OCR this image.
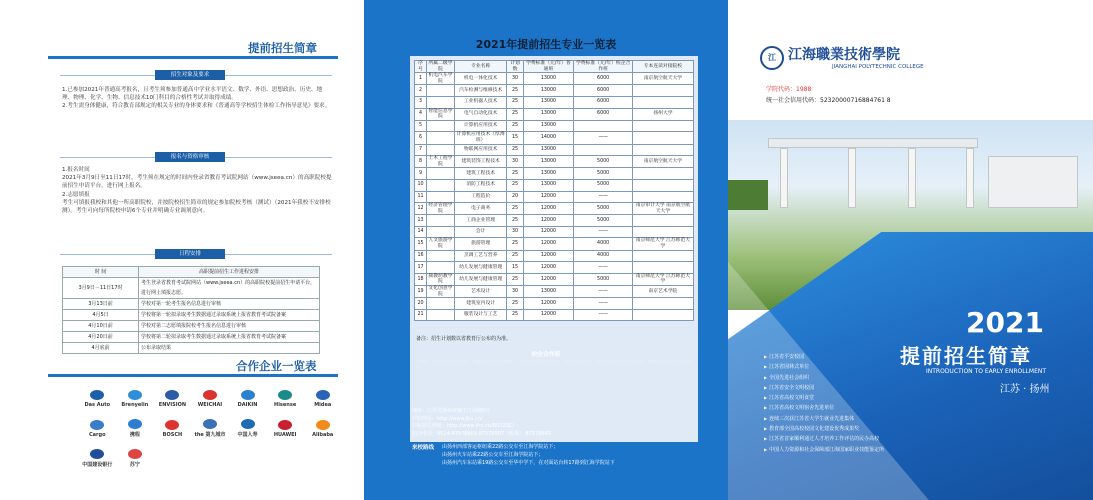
提前招生简章
招生对象及要求
1.已参加2021年普通高考报名，且考生须参加普通高中学业水平语文、数学、外语、思想政治、历史、地理、物理、化学、生物、信息技术10门科目的合格性考试并取得成绩。
2.考生需身体健康，符合教育部规定的相关专业的身体要求和《普通高等学校招生体检工作指导意见》要求。
报名与资格审核
1.报名时间
2021年3月9日至11日17时，考生须在规定的时间内登录省教育考试院网站（www.jseea.cn）的高职院校提前招生申请平台，进行网上报名。
2.志愿填报
考生可填报我校和其他一所高职院校，并按院校招生简章的规定参加院校考核（测试）（2021年我校不安排校测）。考生可向每所院校申请6个专业并明确专业调剂意向。
日程安排
时 间	高职提前招生工作进程安排
3月9日－11日17时	考生登录省教育考试院网站（www.jseea.cn）的高职院校提前招生申请平台，进行网上填报志愿。
3月13日前	学校对第一轮考生报名信息进行审核
4月5日	学校将第一轮拟录取考生数据通过录取系统上报省教育考试院备案
4月10日前	学校对第二志愿填报院校考生报名信息进行审核
4月20日前	学校将第二轮拟录取考生数据通过录取系统上报省教育考试院备案
4月底前	公布录取结果
合作企业一览表
Das Auto Brenyelin ENVISION WEICHAI	DAIKIN	Hisense	Midea
Cargo	携程	BOSCH the 第九城市 中国人寿	HUAWEI	Alibaba
中国建设银行	苏宁
2021年提前招生专业一览表
序号	所属二级学院	专业名称	计划数	学费标准（元/年）普通班	学费标准（元/年）校企合作班	专本连读对接院校
1	机电汽车学院	机电一体化技术	30	13000	6000	南京航空航天大学
2		汽车检测与维修技术	25	13000	6000	
3		工业机器人技术	25	13000	6000	
4	智能信息学院	电气自动化技术	25	13000	6000	扬州大学
5		计算机应用技术	25	13000		
6		计算机应用技术（厚溥班）	15	14000	——	
7		物联网应用技术	25	13000		
8	土木工程学院	建筑装饰工程技术	30	13000	5000	南京航空航天大学
9		建筑工程技术	25	13000	5000	
10		消防工程技术	25	13000	5000	
11		工程造价	20	12000	——	
12	经济管理学院	电子商务	25	12000	5000	南京审计大学 南京航空航天大学
13		工商企业管理	25	12000	5000	
14		会计	30	12000	——	
15	人文旅游学院	旅游管理	25	12000	4000	南京师范大学 江苏师范大学
16		烹调工艺与营养	25	12000	4000	
17		幼儿发展与健康管理	15	12000	——	
18	频教幼教学院	幼儿发展与健康管理	25	12000	5000	南京师范大学 江苏师范大学
19	文化创意学院	艺术设计	30	13000	——	南京艺术学院
20		建筑室内设计	25	12000	——	
21		服装设计与工艺	25	12000	——	
备注：招生计划数以省教育厅公布的为准。
校企合作班
与优质、大中型企业合作办学，实施学校企业双主体育人，学生入学即为企业员工，享受企业奖学金，毕业后直接到合作企业就业；学费标准按校企合作班执行。
地址：江苏省扬州市扬子江南路5号
学院网址：http://www.jhu.cn/
学院招生网址：http://www.jhu.cn/B07ZSC/
招办电话：0514-87579903 87579907（传真） 87579643
来校路线 由扬州西部客运枢纽乘22路公交车至江海学院站下；
由扬州火车站乘22路公交车至江海学院站下；
由扬州汽车东站乘19路公交车至华中学下，在对面站台转17路到江海学院站下
江 江海職業技術學院
JIANGHAI POLYTECHNIC COLLEGE
学院代码：1988
统一社会信用代码：52320000716884761 8
2021
提前招生简章
INTRODUCTION TO EARLY ENROLLMENT
江苏 · 扬州
▶ 江苏省平安校园
▶ 江苏省园林式单位
▶ 全国先进社会组织
▶ 江苏省安全文明校园
▶ 江苏省高校文明食堂
▶ 江苏省高校文明宿舍先进单位
▶ 连续三次获江苏省大学生就业先进集体
▶ 教育部全国高校校园文化建设优秀成果奖
▶ 江苏省首家顺利通过人才培养工作评估的民办高校
▶ 中国人力资源和社会保障部江海国家职业技能鉴定所
